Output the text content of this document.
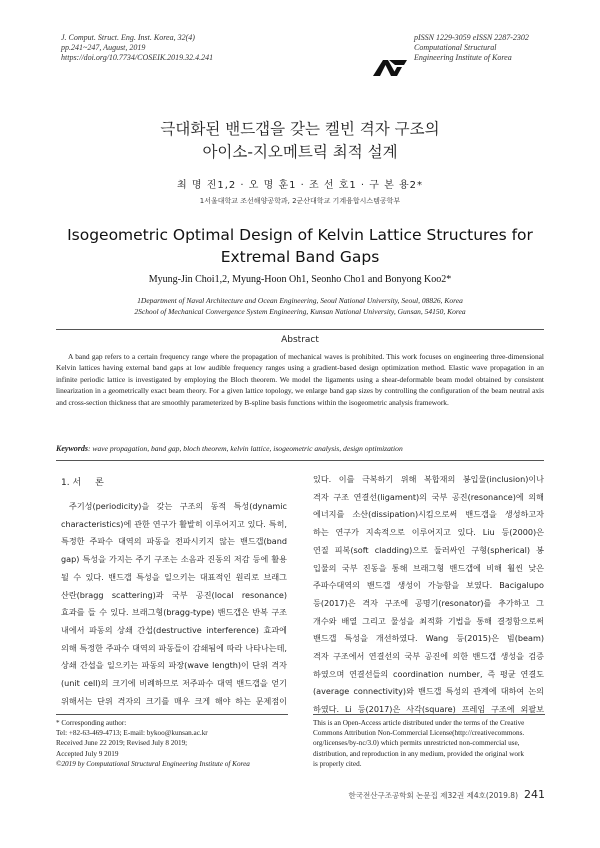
J. Comput. Struct. Eng. Inst. Korea, 32(4)
pp.241~247, August, 2019
https://doi.org/10.7734/COSEIK.2019.32.4.241
pISSN 1229-3059 eISSN 2287-2302
Computational Structural
Engineering Institute of Korea
극대화된 밴드갭을 갖는 켈빈 격자 구조의
아이소-지오메트릭 최적 설계
최 명 진1,2 · 오 명 훈1 · 조 선 호1 · 구 본 용2*
1서울대학교 조선해양공학과, 2군산대학교 기계융합시스템공학부
Isogeometric Optimal Design of Kelvin Lattice Structures for
Extremal Band Gaps
Myung-Jin Choi1,2, Myung-Hoon Oh1, Seonho Cho1 and Bonyong Koo2*
1Department of Naval Architecture and Ocean Engineering, Seoul National University, Seoul, 08826, Korea
2School of Mechanical Convergence System Engineering, Kunsan National University, Gunsan, 54150, Korea
Abstract
A band gap refers to a certain frequency range where the propagation of mechanical waves is prohibited. This work focuses on engineering three-dimensional Kelvin lattices having external band gaps at low audible frequency ranges using a gradient-based design optimization method. Elastic wave propagation in an infinite periodic lattice is investigated by employing the Bloch theorem. We model the ligaments using a shear-deformable beam model obtained by consistent linearization in a geometrically exact beam theory. For a given lattice topology, we enlarge band gap sizes by controlling the configuration of the beam neutral axis and cross-section thickness that are smoothly parameterized by B-spline basis functions within the isogeometric analysis framework.
Keywords: wave propagation, band gap, bloch theorem, kelvin lattice, isogeometric analysis, design optimization
1. 서 론
주기성(periodicity)을 갖는 구조의 동적 특성(dynamic
characteristics)에 관한 연구가 활발히 이루어지고 있다. 특히,
특정한 주파수 대역의 파동을 전파시키지 않는 밴드갭(band
gap) 특성을 가지는 주기 구조는 소음과 진동의 저감 등에 활용
될 수 있다. 밴드갭 특성을 일으키는 대표적인 원리로 브래그
산란(bragg scattering)과 국부 공진(local resonance)
효과를 들 수 있다. 브래그형(bragg-type) 밴드갭은 반복 구조
내에서 파동의 상쇄 간섭(destructive interference) 효과에
의해 특정한 주파수 대역의 파동들이 감쇄됨에 따라 나타나는데,
상쇄 간섭을 일으키는 파동의 파장(wave length)이 단위 격자
(unit cell)의 크기에 비례하므로 저주파수 대역 밴드갭을 얻기
위해서는 단위 격자의 크기를 매우 크게 해야 하는 문제점이
있다. 이를 극복하기 위해 복합재의 봉입물(inclusion)이나
격자 구조 연결선(ligament)의 국부 공진(resonance)에 의해
에너지를 소산(dissipation)시킴으로써 밴드갭을 생성하고자
하는 연구가 지속적으로 이루어지고 있다. Liu 등(2000)은
연질 피복(soft cladding)으로 둘러싸인 구형(spherical) 봉
입물의 국부 진동을 통해 브래그형 밴드갭에 비해 훨씬 낮은
주파수대역의 밴드갭 생성이 가능함을 보였다. Bacigalupo
등(2017)은 격자 구조에 공명기(resonator)를 추가하고 그
개수와 배열 그리고 물성을 최적화 기법을 통해 결정함으로써
밴드갭 특성을 개선하였다. Wang 등(2015)은 빔(beam)
격자 구조에서 연결선의 국부 공진에 의한 밴드갭 생성을 검증
하였으며 연결선들의 coordination number, 즉 평균 연결도
(average connectivity)와 밴드갭 특성의 관계에 대하여 논의
하였다. Li 등(2017)은 사각(square) 프레임 구조에 외팔보
* Corresponding author:
Tel: +82-63-469-4713; E-mail: bykoo@kunsan.ac.kr
Received June 22 2019; Revised July 8 2019;
Accepted July 9 2019
©2019 by Computational Structural Engineering Institute of Korea
This is an Open-Access article distributed under the terms of the Creative
Commons Attribution Non-Commercial License(http://creativecommons.
org/licenses/by-nc/3.0) which permits unrestricted non-commercial use,
distribution, and reproduction in any medium, provided the original work
is properly cited.
한국전산구조공학회 논문집 제32권 제4호(2019.8) 241
